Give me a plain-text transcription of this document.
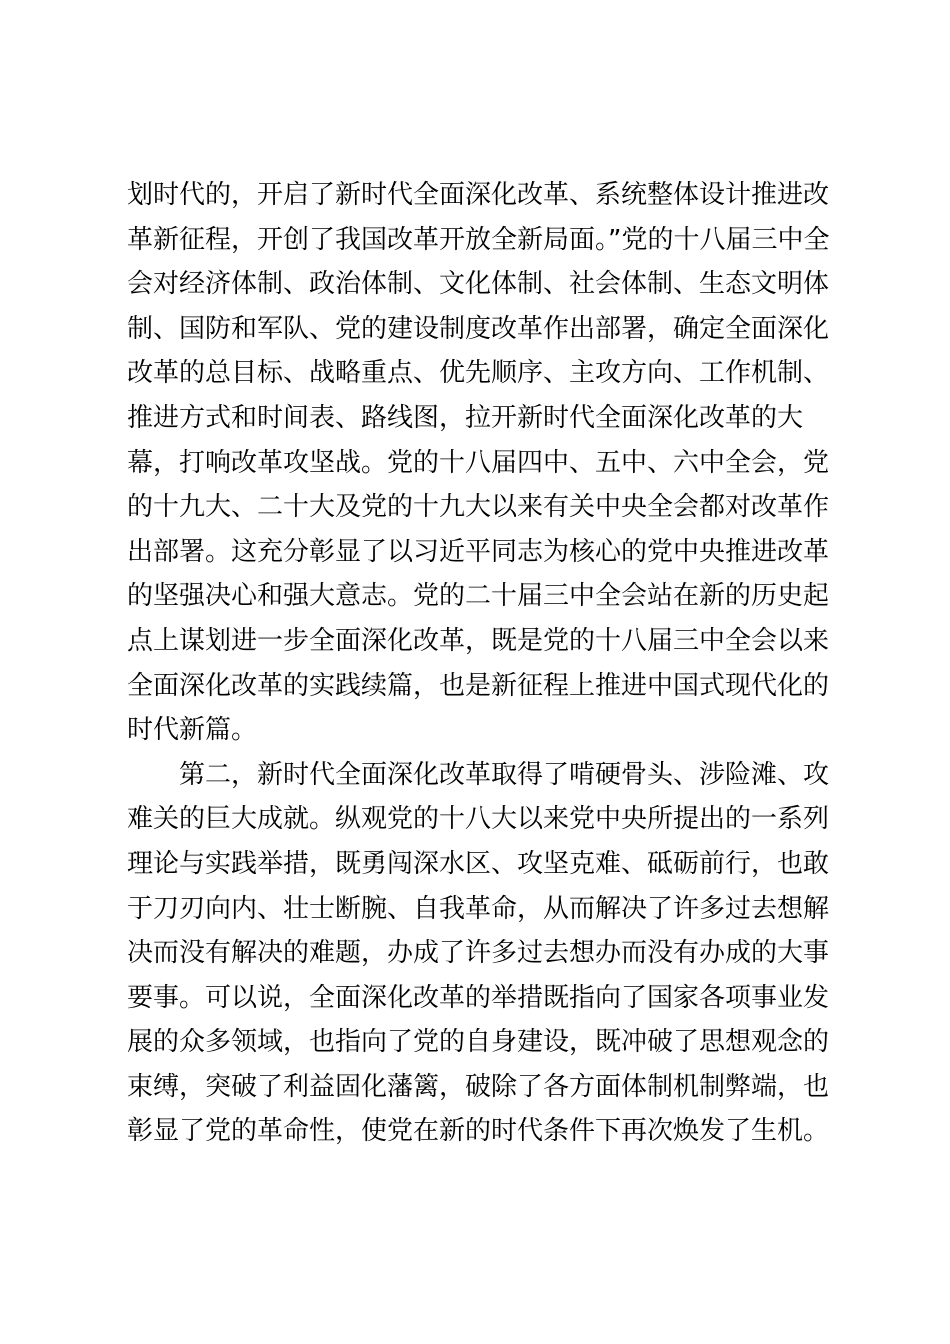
划时代的，开启了新时代全面深化改革、系统整体设计推进改
革新征程，开创了我国改革开放全新局面。”党的十八届三中全
会对经济体制、政治体制、文化体制、社会体制、生态文明体
制、国防和军队、党的建设制度改革作出部署，确定全面深化
改革的总目标、战略重点、优先顺序、主攻方向、工作机制、
推进方式和时间表、路线图，拉开新时代全面深化改革的大
幕，打响改革攻坚战。党的十八届四中、五中、六中全会，党
的十九大、二十大及党的十九大以来有关中央全会都对改革作
出部署。这充分彰显了以习近平同志为核心的党中央推进改革
的坚强决心和强大意志。党的二十届三中全会站在新的历史起
点上谋划进一步全面深化改革，既是党的十八届三中全会以来
全面深化改革的实践续篇，也是新征程上推进中国式现代化的
时代新篇。
　　第二，新时代全面深化改革取得了啃硬骨头、涉险滩、攻
难关的巨大成就。纵观党的十八大以来党中央所提出的一系列
理论与实践举措，既勇闯深水区、攻坚克难、砥砺前行，也敢
于刀刃向内、壮士断腕、自我革命，从而解决了许多过去想解
决而没有解决的难题，办成了许多过去想办而没有办成的大事
要事。可以说，全面深化改革的举措既指向了国家各项事业发
展的众多领域，也指向了党的自身建设，既冲破了思想观念的
束缚，突破了利益固化藩篱，破除了各方面体制机制弊端，也
彰显了党的革命性，使党在新的时代条件下再次焕发了生机。
